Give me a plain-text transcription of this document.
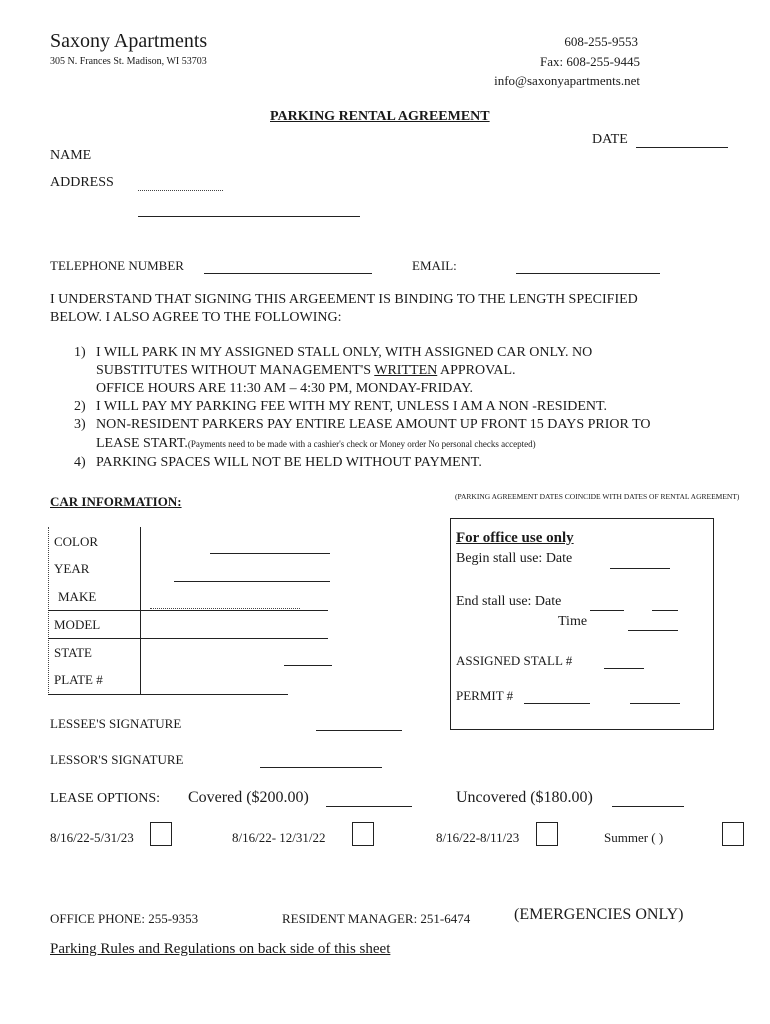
Saxony Apartments
305 N. Frances St. Madison, WI 53703
608-255-9553
Fax: 608-255-9445
info@saxonyapartments.net
PARKING RENTAL AGREEMENT
DATE
NAME
ADDRESS
TELEPHONE NUMBER	EMAIL:
I UNDERSTAND THAT SIGNING THIS ARGEEMENT IS BINDING TO THE LENGTH SPECIFIED
BELOW. I ALSO AGREE TO THE FOLLOWING:
1) I WILL PARK IN MY ASSIGNED STALL ONLY, WITH ASSIGNED CAR ONLY. NO
SUBSTITUTES WITHOUT MANAGEMENT'S WRITTEN APPROVAL.
OFFICE HOURS ARE 11:30 AM – 4:30 PM, MONDAY-FRIDAY.
2) I WILL PAY MY PARKING FEE WITH MY RENT, UNLESS I AM A NON -RESIDENT.
3) NON-RESIDENT PARKERS PAY ENTIRE LEASE AMOUNT UP FRONT 15 DAYS PRIOR TO
LEASE START.(Payments need to be made with a cashier's check or Money order No personal checks accepted)
4) PARKING SPACES WILL NOT BE HELD WITHOUT PAYMENT.
CAR INFORMATION:	(PARKING AGREEMENT DATES COINCIDE WITH DATES OF RENTAL AGREEMENT)
COLOR
YEAR
MAKE
MODEL
STATE
PLATE #
For office use only
Begin stall use: Date
End stall use: Date
Time
ASSIGNED STALL #
PERMIT #
LESSEE'S SIGNATURE
LESSOR'S SIGNATURE
LEASE OPTIONS: Covered ($200.00)	Uncovered ($180.00)
8/16/22-5/31/23	8/16/22- 12/31/22	8/16/22-8/11/23	Summer ( )
OFFICE PHONE: 255-9353	RESIDENT MANAGER: 251-6474	(EMERGENCIES ONLY)
Parking Rules and Regulations on back side of this sheet
